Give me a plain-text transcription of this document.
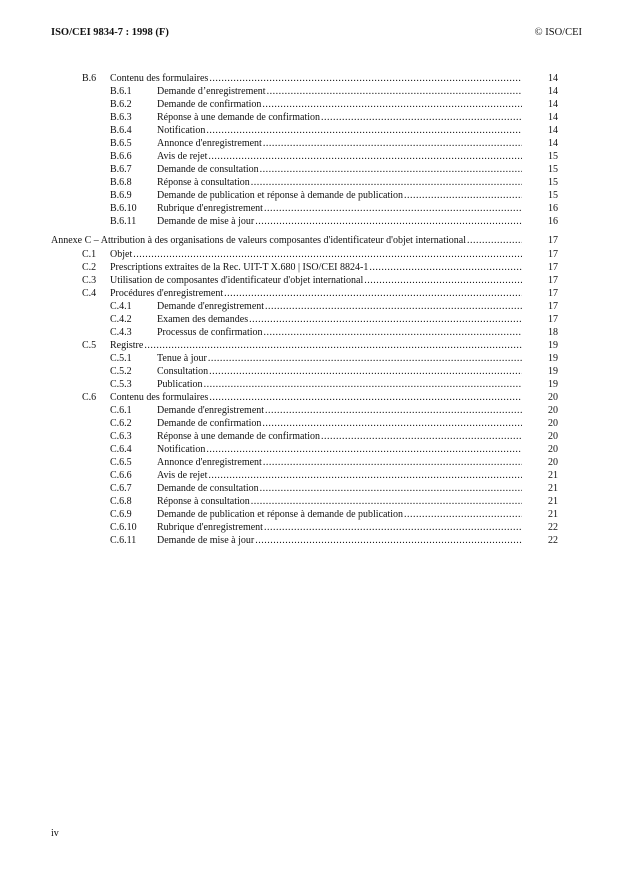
ISO/CEI 9834-7 : 1998 (F)	© ISO/CEI
B.6 Contenu des formulaires .....	14
B.6.1	Demande d’enregistrement .....	14
B.6.2	Demande de confirmation .....	14
B.6.3	Réponse à une demande de confirmation .....	14
B.6.4	Notification .....	14
B.6.5	Annonce d'enregistrement .....	14
B.6.6	Avis de rejet .....	15
B.6.7	Demande de consultation .....	15
B.6.8	Réponse à consultation .....	15
B.6.9	Demande de publication et réponse à demande de publication .....	15
B.6.10 Rubrique d'enregistrement .....	16
B.6.11 Demande de mise à jour .....	16
Annexe C – Attribution à des organisations de valeurs composantes d'identificateur d'objet international .....	17
C.1 Objet .....	17
C.2 Prescriptions extraites de la Rec. UIT-T X.680 | ISO/CEI 8824-1 .....	17
C.3 Utilisation de composantes d'identificateur d'objet international .....	17
C.4 Procédures d'enregistrement .....	17
C.4.1	Demande d'enregistrement .....	17
C.4.2	Examen des demandes .....	17
C.4.3	Processus de confirmation .....	18
C.5 Registre .....	19
C.5.1	Tenue à jour .....	19
C.5.2	Consultation .....	19
C.5.3	Publication .....	19
C.6 Contenu des formulaires .....	20
C.6.1	Demande d'enregistrement .....	20
C.6.2	Demande de confirmation .....	20
C.6.3	Réponse à une demande de confirmation .....	20
C.6.4	Notification .....	20
C.6.5	Annonce d'enregistrement .....	20
C.6.6	Avis de rejet .....	21
C.6.7	Demande de consultation .....	21
C.6.8	Réponse à consultation .....	21
C.6.9	Demande de publication et réponse à demande de publication .....	21
C.6.10 Rubrique d'enregistrement .....	22
C.6.11 Demande de mise à jour .....	22
iv
